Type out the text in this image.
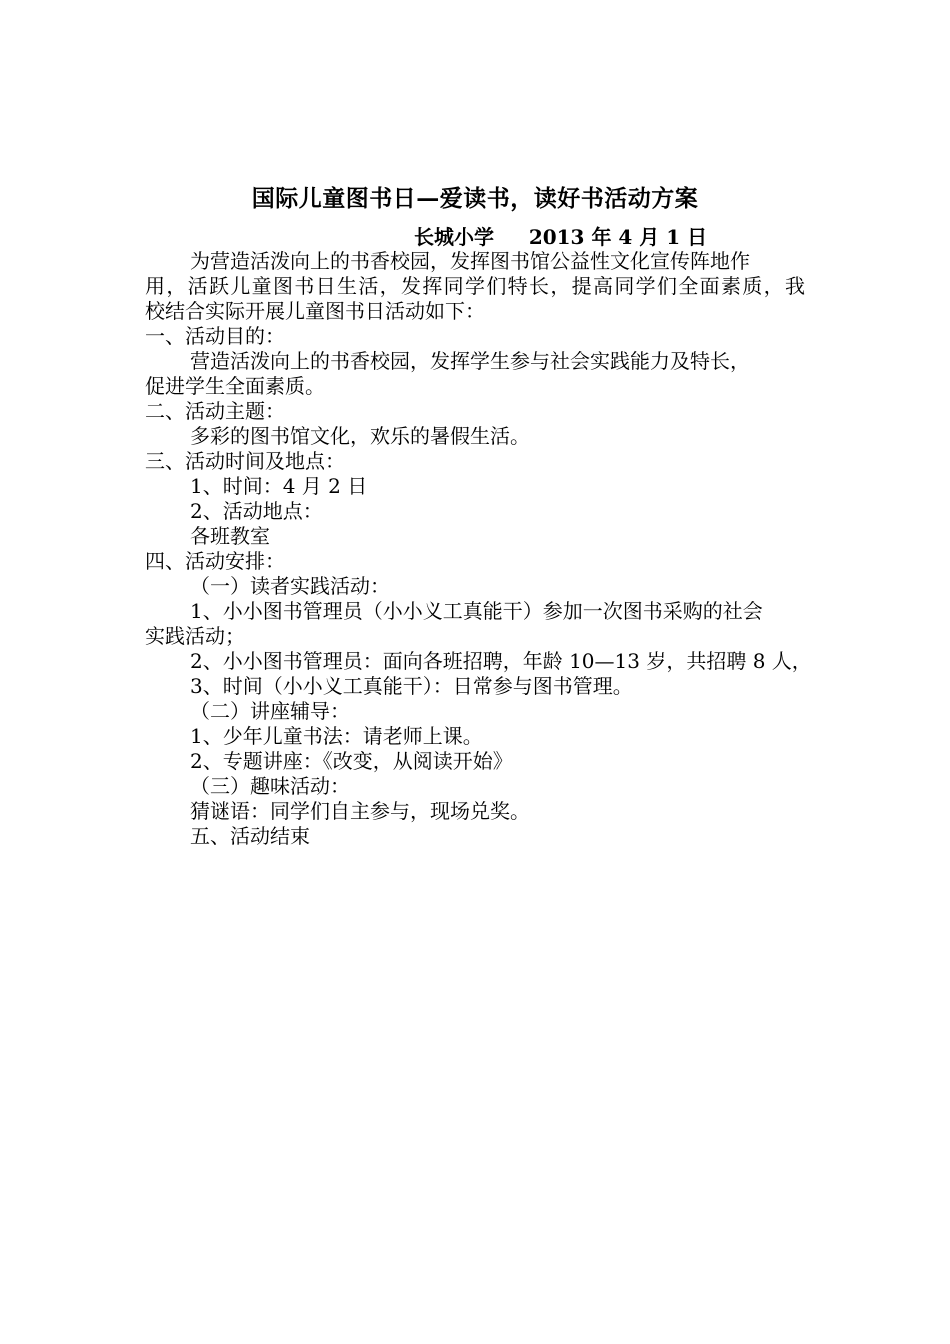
国际儿童图书日—爱读书，读好书活动方案
长城小学     2013 年 4 月 1 日
为营造活泼向上的书香校园，发挥图书馆公益性文化宣传阵地作
用，活跃儿童图书日生活，发挥同学们特长，提高同学们全面素质，我
校结合实际开展儿童图书日活动如下：
一、活动目的：
营造活泼向上的书香校园，发挥学生参与社会实践能力及特长，
促进学生全面素质。
二、活动主题：
多彩的图书馆文化，欢乐的暑假生活。
三、活动时间及地点：
1、时间：4 月 2 日
2、活动地点：
各班教室
四、活动安排：
（一）读者实践活动：
1、小小图书管理员（小小义工真能干）参加一次图书采购的社会
实践活动；
2、小小图书管理员：面向各班招聘，年龄 10—13 岁，共招聘 8 人，
3、时间（小小义工真能干）：日常参与图书管理。
（二）讲座辅导：
1、少年儿童书法：请老师上课。
2、专题讲座：《改变，从阅读开始》
（三）趣味活动：
猜谜语：同学们自主参与，现场兑奖。
五、活动结束
